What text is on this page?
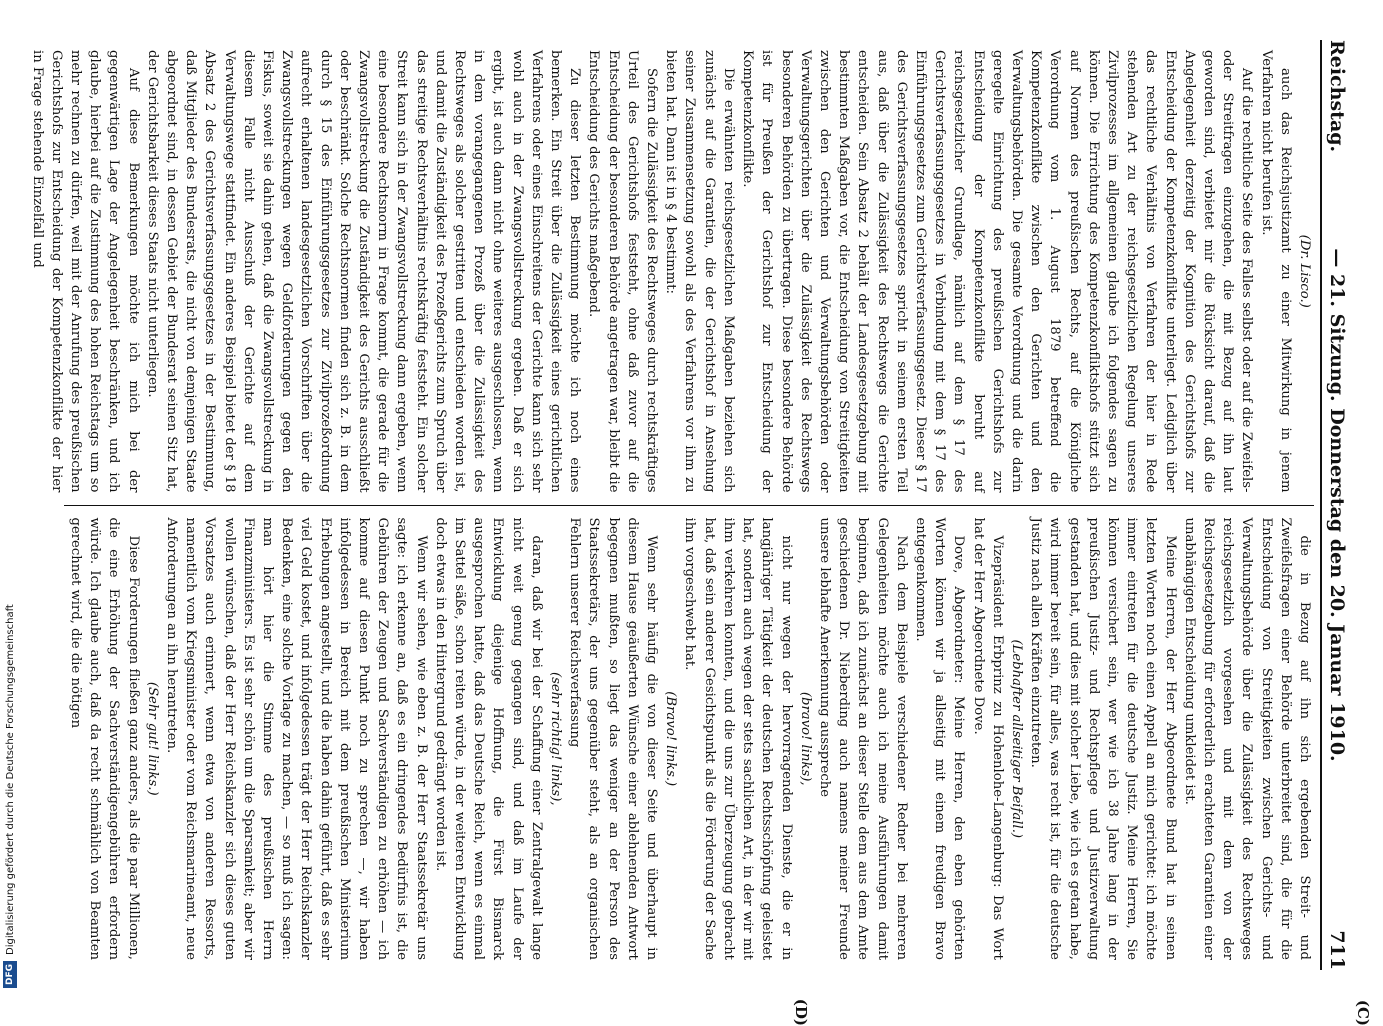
Reichstag.
— 21. Sitzung. Donnerstag den 20. Januar 1910.
711

(Dr. Lisco.)

auch das Reichsjustizamt zu einer Mitwirkung in jenem Verfahren nicht berufen ist.

Auf die rechtliche Seite des Falles selbst oder auf die Zweifels- oder Streitfragen einzugehen, die mit Bezug auf ihn laut geworden sind, verbietet mir die Rücksicht darauf, daß die Angelegenheit derzeitig der Kognition des Gerichtshofs zur Entscheidung der Kompetenzkonflikte unterliegt. Lediglich über das rechtliche Verhältnis von Verfahren der hier in Rede stehenden Art zu der reichsgesetzlichen Regelung unseres Zivilprozesses im allgemeinen glaube ich folgendes sagen zu können. Die Errichtung des Kompetenzkonfliktshofs stützt sich auf Normen des preußischen Rechts, auf die Königliche Verordnung vom 1. August 1879 betreffend die Kompetenzkonflikte zwischen den Gerichten und den Verwaltungsbehörden. Die gesamte Verordnung und die darin geregelte Einrichtung des preußischen Gerichtshofs zur Entscheidung der Kompetenzkonflikte beruht auf reichsgesetzlicher Grundlage, nämlich auf dem § 17 des Gerichtsverfassungsgesetzes in Verbindung mit dem § 17 des Einführungsgesetzes zum Gerichtsverfassungsgesetz. Dieser § 17 des Gerichtsverfassungsgesetzes spricht in seinem ersten Teil aus, daß über die Zulässigkeit des Rechtswegs die Gerichte entscheiden. Sein Absatz 2 behält der Landesgesetzgebung mit bestimmten Maßgaben vor, die Entscheidung von Streitigkeiten zwischen den Gerichten und Verwaltungsbehörden oder Verwaltungsgerichten über die Zulässigkeit des Rechtswegs besonderen Behörden zu übertragen. Diese besondere Behörde ist für Preußen der Gerichtshof zur Entscheidung der Kompetenzkonflikte.

Die erwähnten reichsgesetzlichen Maßgaben beziehen sich zunächst auf die Garantien, die der Gerichtshof in Ansehung seiner Zusammensetzung sowohl als des Verfahrens vor ihm zu bieten hat. Dann ist in § 4 bestimmt:

Sofern die Zulässigkeit des Rechtsweges durch rechtskräftiges Urteil des Gerichtshofs feststeht, ohne daß zuvor auf die Entscheidung der besonderen Behörde angetragen war, bleibt die Entscheidung des Gerichts maßgebend.

Zu dieser letzten Bestimmung möchte ich noch eines bemerken. Ein Streit über die Zulässigkeit eines gerichtlichen Verfahrens oder eines Einschreitens der Gerichte kann sich sehr wohl auch in der Zwangsvollstreckung ergeben. Daß er sich ergibt, ist auch dann nicht ohne weiteres ausgeschlossen, wenn in dem vorangegangenen Prozeß über die Zulässigkeit des Rechtsweges als solcher gestritten und entschieden worden ist, und damit die Zuständigkeit des Prozeßgerichts zum Spruch über das streitige Rechtsverhältnis rechtskräftig feststeht. Ein solcher Streit kann sich in der Zwangsvollstreckung dann ergeben, wenn eine besondere Rechtsnorm in Frage kommt, die gerade für die Zwangsvollstreckung die Zuständigkeit des Gerichts ausschließt oder beschränkt. Solche Rechtsnormen finden sich z. B. in dem durch § 15 des Einführungsgesetzes zur Zivilprozeßordnung aufrecht erhaltenen landesgesetzlichen Vorschriften über die Zwangsvollstreckungen wegen Geldforderungen gegen den Fiskus, soweit sie dahin gehen, daß die Zwangsvollstreckung in diesem Falle nicht Ausschuß der Gerichte auf dem Verwaltungswege stattfindet. Ein anderes Beispiel bietet der § 18 Absatz 2 des Gerichtsverfassungsgesetzes in der Bestimmung, daß Mitglieder des Bundesrats, die nicht von demjenigen Staate abgeordnet sind, in dessen Gebiet der Bundesrat seinen Sitz hat, der Gerichtsbarkeit dieses Staats nicht unterliegen.

Auf diese Bemerkungen möchte ich mich bei der gegenwärtigen Lage der Angelegenheit beschränken, und ich glaube, hierbei auf die Zustimmung des hohen Reichstags um so mehr rechnen zu dürfen, weil mit der Anrufung des preußischen Gerichtshofs zur Entscheidung der Kompetenzkonflikte der hier in Frage stehende Einzelfall und

die in Bezug auf ihn sich ergebenden Streit- und Zweifelsfragen einer Behörde unterbreitet sind, die für die Entscheidung von Streitigkeiten zwischen Gerichts- und Verwaltungsbehörde über die Zulässigkeit des Rechtsweges reichsgesetzlich vorgesehen und mit dem von der Reichsgesetzgebung für erforderlich erachteten Garantien einer unabhängigen Entscheidung umkleidet ist.

Meine Herren, der Herr Abgeordnete Bund hat in seinen letzten Worten noch einen Appell an mich gerichtet: ich möchte immer eintreten für die deutsche Justiz. Meine Herren, Sie können versichert sein, wer wie ich 38 Jahre lang in der preußischen Justiz- und Rechtspflege und Justizverwaltung gestanden hat, und dies mit solcher Liebe, wie ich es getan habe, wird immer bereit sein, für alles, was recht ist, für die deutsche Justiz nach allen Kräften einzutreten.

(Lebhafter allseitiger Beifall.)

Vizepräsident Erbprinz zu Hohenlohe-Langenburg: Das Wort hat der Herr Abgeordnete Dove.

Dove, Abgeordneter: Meine Herren, den eben gehörten Worten können wir ja allseitig mit einem freudigen Bravo entgegenkommen.

Nach dem Beispiele verschiedener Redner bei mehreren Gelegenheiten möchte auch ich meine Ausführungen damit beginnen, daß ich zunächst an dieser Stelle dem aus dem Amte geschiedenen Dr. Nieberding auch namens meiner Freunde unsere lebhafte Anerkennung ausspreche

(bravo! links),

nicht nur wegen der hervorragenden Dienste, die er in langjähriger Tätigkeit der deutschen Rechtsschöpfung geleistet hat, sondern auch wegen der stets sachlichen Art, in der wir mit ihm verkehren konnten, und die uns zur Überzeugung gebracht hat, daß sein anderer Gesichtspunkt als die Förderung der Sache ihm vorgeschwebt hat.

(Bravo! links.)

Wenn sehr häufig die von dieser Seite und überhaupt in diesem Hause geäußerten Wünsche einer ablehnenden Antwort begegnen mußten, so liegt das weniger an der Person des Staatssekretärs, der uns gegenüber steht, als an organischen Fehlern unserer Reichsverfassung

(sehr richtig! links),

daran, daß wir bei der Schaffung einer Zentralgewalt lange nicht weit genug gegangen sind, und daß im Laufe der Entwicklung diejenige Hoffnung, die Fürst Bismarck ausgesprochen hatte, daß das Deutsche Reich, wenn es einmal im Sattel säße, schon reiten würde, in der weiteren Entwicklung doch etwas in den Hintergrund gedrängt worden ist.

Wenn wir sehen, wie eben z. B. der Herr Staatssekretär uns sagte: ich erkenne an, daß es ein dringendes Bedürfnis ist, die Gebühren der Zeugen und Sachverständigen zu erhöhen — ich komme auf diesen Punkt noch zu sprechen —, wir haben infolgedessen in Bereich mit dem preußischen Ministerium Erhebungen angestellt, und die haben dahin geführt, daß es sehr viel Geld kostet, und infolgedessen trägt der Herr Reichskanzler Bedenken, eine solche Vorlage zu machen, — so muß ich sagen: man hört hier die Stimme des preußischen Herrn Finanzministers. Es ist sehr schön um die Sparsamkeit; aber wir wollen wünschen, daß der Herr Reichskanzler sich dieses guten Vorsatzes auch erinnert, wenn etwa von anderen Ressorts, namentlich vom Kriegsminister oder vom Reichsmarineamt, neue Anforderungen an ihn herantreten.

(Sehr gut! links.)

Diese Forderungen fließen ganz anders, als die paar Millionen, die eine Erhöhung der Sachverständigengebühren erfordern würde. Ich glaube auch, daß da recht schmählich von Beamten gerechnet wird, die die nötigen

(C)
(D)
DFGDigitalisierung gefördert durch die Deutsche Forschungsgemeinschaft
